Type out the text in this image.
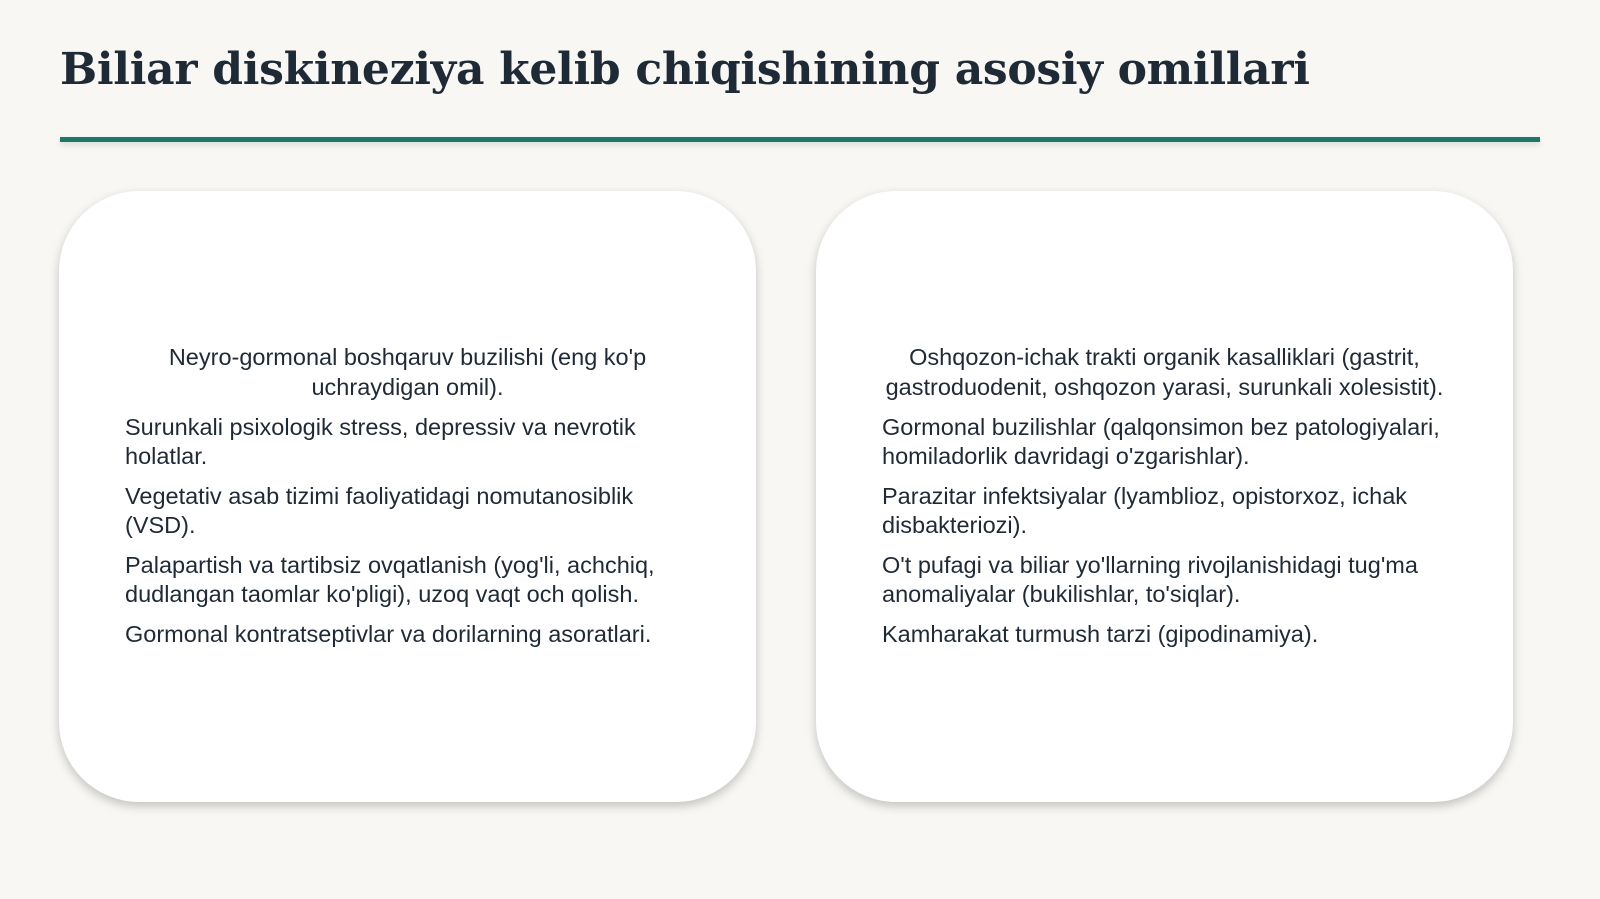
Biliar diskineziya kelib chiqishining asosiy omillari
Neyro-gormonal boshqaruv buzilishi (eng ko'p uchraydigan omil).
Surunkali psixologik stress, depressiv va nevrotik holatlar.
Vegetativ asab tizimi faoliyatidagi nomutanosiblik (VSD).
Palapartish va tartibsiz ovqatlanish (yog'li, achchiq, dudlangan taomlar ko'pligi), uzoq vaqt och qolish.
Gormonal kontratseptivlar va dorilarning asoratlari.
Oshqozon-ichak trakti organik kasalliklari (gastrit, gastroduodenit, oshqozon yarasi, surunkali xolesistit).
Gormonal buzilishlar (qalqonsimon bez patologiyalari, homiladorlik davridagi o'zgarishlar).
Parazitar infektsiyalar (lyamblioz, opistorxoz, ichak disbakteriozi).
O't pufagi va biliar yo'llarning rivojlanishidagi tug'ma anomaliyalar (bukilishlar, to'siqlar).
Kamharakat turmush tarzi (gipodinamiya).
